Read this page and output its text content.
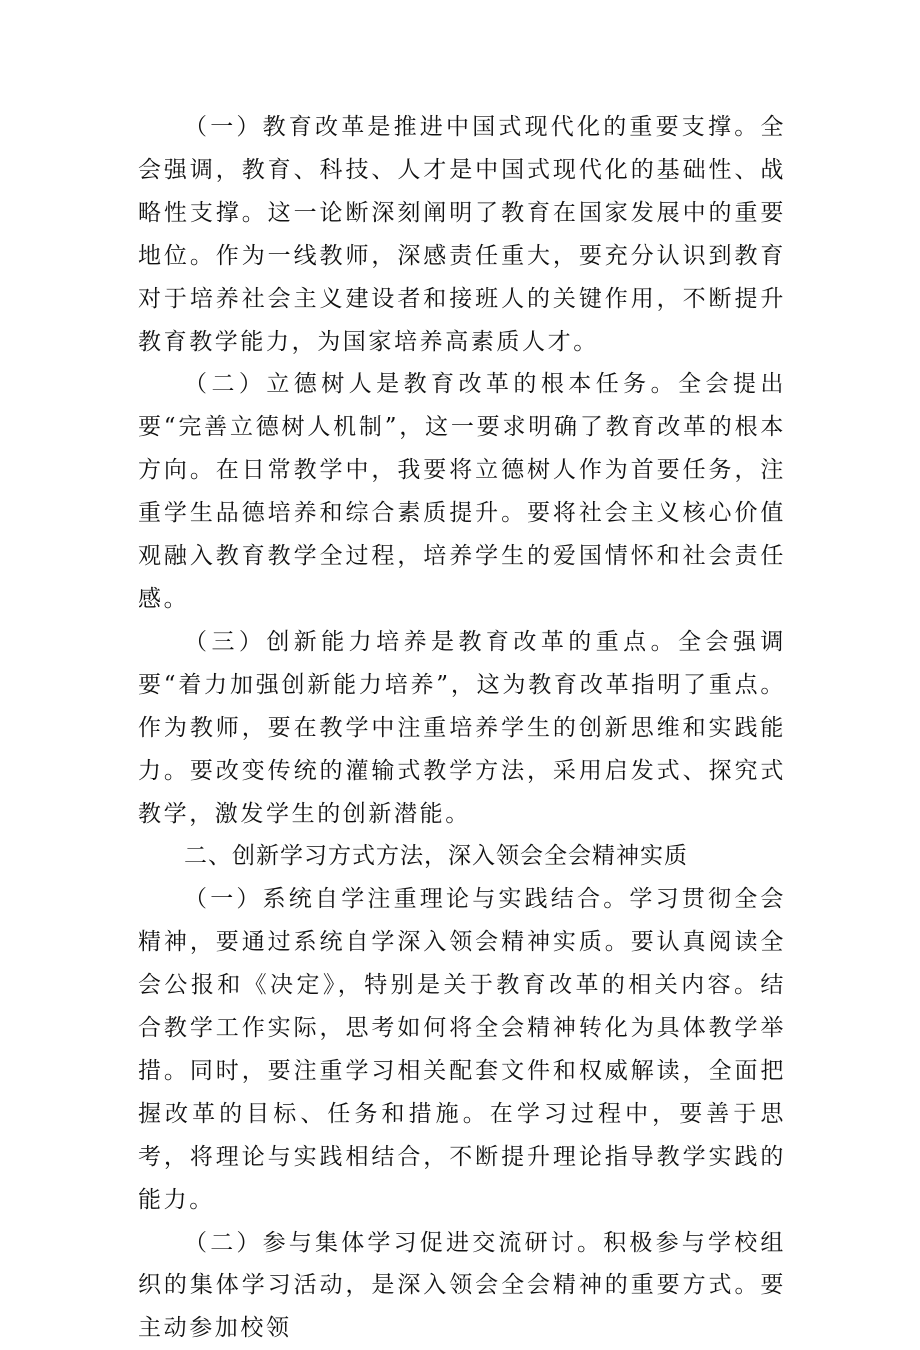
（一）教育改革是推进中国式现代化的重要支撑。全会强调，教育、科技、人才是中国式现代化的基础性、战略性支撑。这一论断深刻阐明了教育在国家发展中的重要地位。作为一线教师，深感责任重大，要充分认识到教育对于培养社会主义建设者和接班人的关键作用，不断提升教育教学能力，为国家培养高素质人才。

（二）立德树人是教育改革的根本任务。全会提出要“完善立德树人机制”，这一要求明确了教育改革的根本方向。在日常教学中，我要将立德树人作为首要任务，注重学生品德培养和综合素质提升。要将社会主义核心价值观融入教育教学全过程，培养学生的爱国情怀和社会责任感。

（三）创新能力培养是教育改革的重点。全会强调要“着力加强创新能力培养”，这为教育改革指明了重点。作为教师，要在教学中注重培养学生的创新思维和实践能力。要改变传统的灌输式教学方法，采用启发式、探究式教学，激发学生的创新潜能。

二、创新学习方式方法，深入领会全会精神实质

（一）系统自学注重理论与实践结合。学习贯彻全会精神，要通过系统自学深入领会精神实质。要认真阅读全会公报和《决定》，特别是关于教育改革的相关内容。结合教学工作实际，思考如何将全会精神转化为具体教学举措。同时，要注重学习相关配套文件和权威解读，全面把握改革的目标、任务和措施。在学习过程中，要善于思考，将理论与实践相结合，不断提升理论指导教学实践的能力。

（二）参与集体学习促进交流研讨。积极参与学校组织的集体学习活动，是深入领会全会精神的重要方式。要主动参加校领
